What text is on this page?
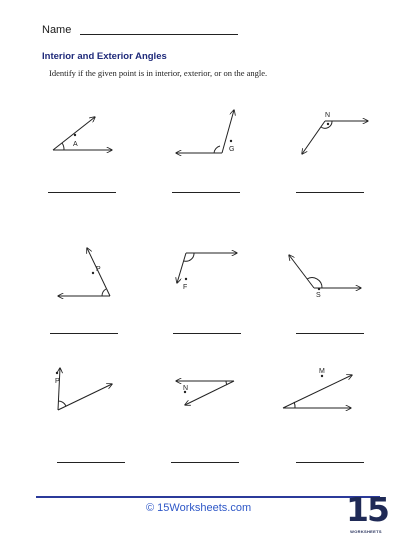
Name
Interior and Exterior Angles
Identify if the given point is in interior, exterior, or on the angle.
A
G
N
P
F
S
P
N
M
© 15Worksheets.com	15
WORKSHEETS
